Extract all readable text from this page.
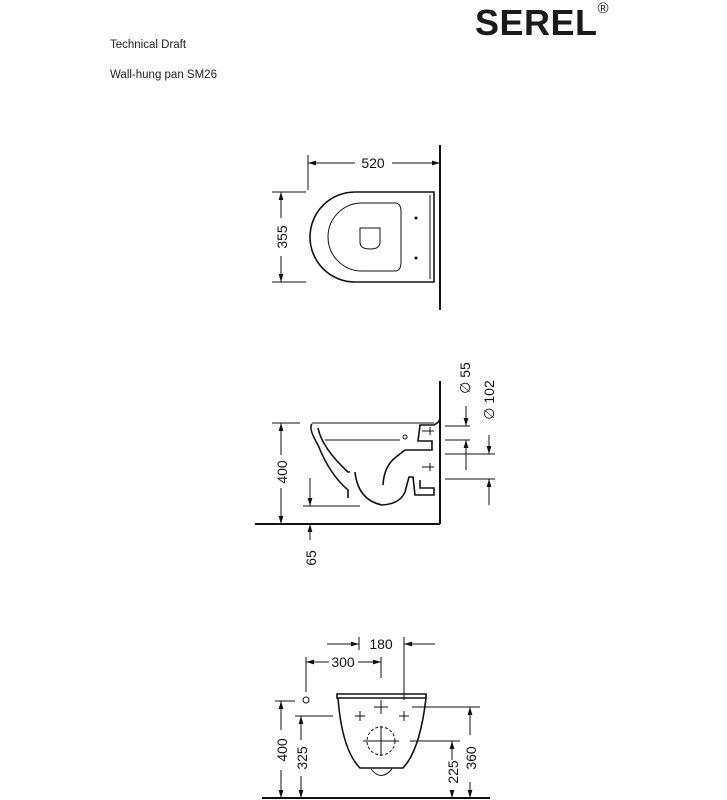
Technical Draft
Wall-hung pan SM26
SEREL®
520
355
400
65
∅ 55
∅ 102
300
180
400 325	360
225
